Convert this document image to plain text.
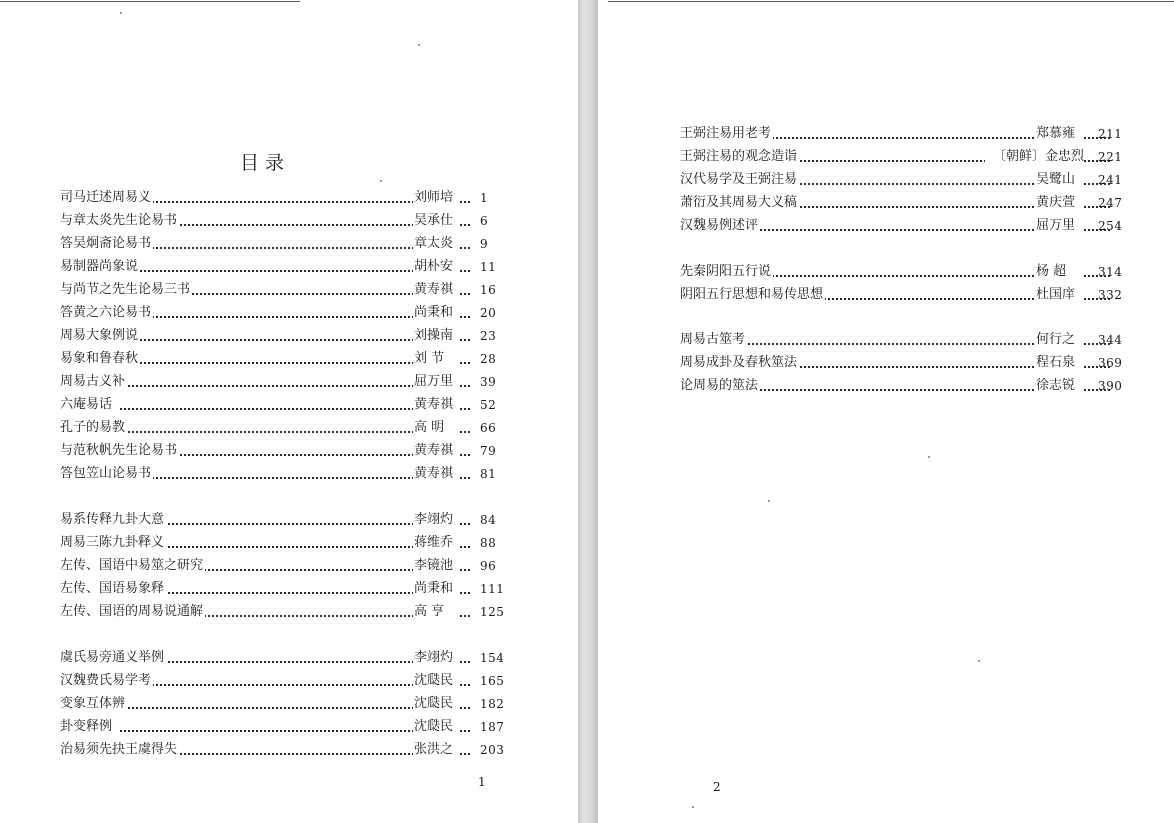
目 录
司马迁述周易义	刘师培	1
与章太炎先生论易书	吴承仕	6
答吴炯斋论易书	章太炎	9
易制器尚象说	胡朴安	11
与尚节之先生论易三书	黄寿祺	16
答黄之六论易书	尚秉和	20
周易大象例说	刘操南	23
易象和鲁春秋	刘 节	28
周易古义补	屈万里	39
六庵易话	黄寿祺	52
孔子的易教	高 明	66
与范秋帆先生论易书	黄寿祺	79
答包笠山论易书	黄寿祺	81
易系传释九卦大意	李翊灼	84
周易三陈九卦释义	蒋维乔	88
左传、国语中易筮之研究	李镜池	96
左传、国语易象释	尚秉和	111
左传、国语的周易说通解	高 亨	125
虞氏易旁通义举例	李翊灼	154
汉魏费氏易学考	沈瓞民	165
变象互体辨	沈瓞民	182
卦变释例	沈瓞民	187
治易须先抉王虞得失	张洪之	203
1
王弼注易用老考	郑慕雍	211
王弼注易的观念造诣	〔朝鲜〕金忠烈 221
汉代易学及王弼注易	吴鹭山	241
萧衍及其周易大义稿	黄庆萱	247
汉魏易例述评	屈万里	254
先秦阴阳五行说	杨 超	314
阴阳五行思想和易传思想	杜国庠	332
周易古筮考	何行之	344
周易成卦及春秋筮法	程石泉	369
论周易的筮法	徐志锐	390
2
